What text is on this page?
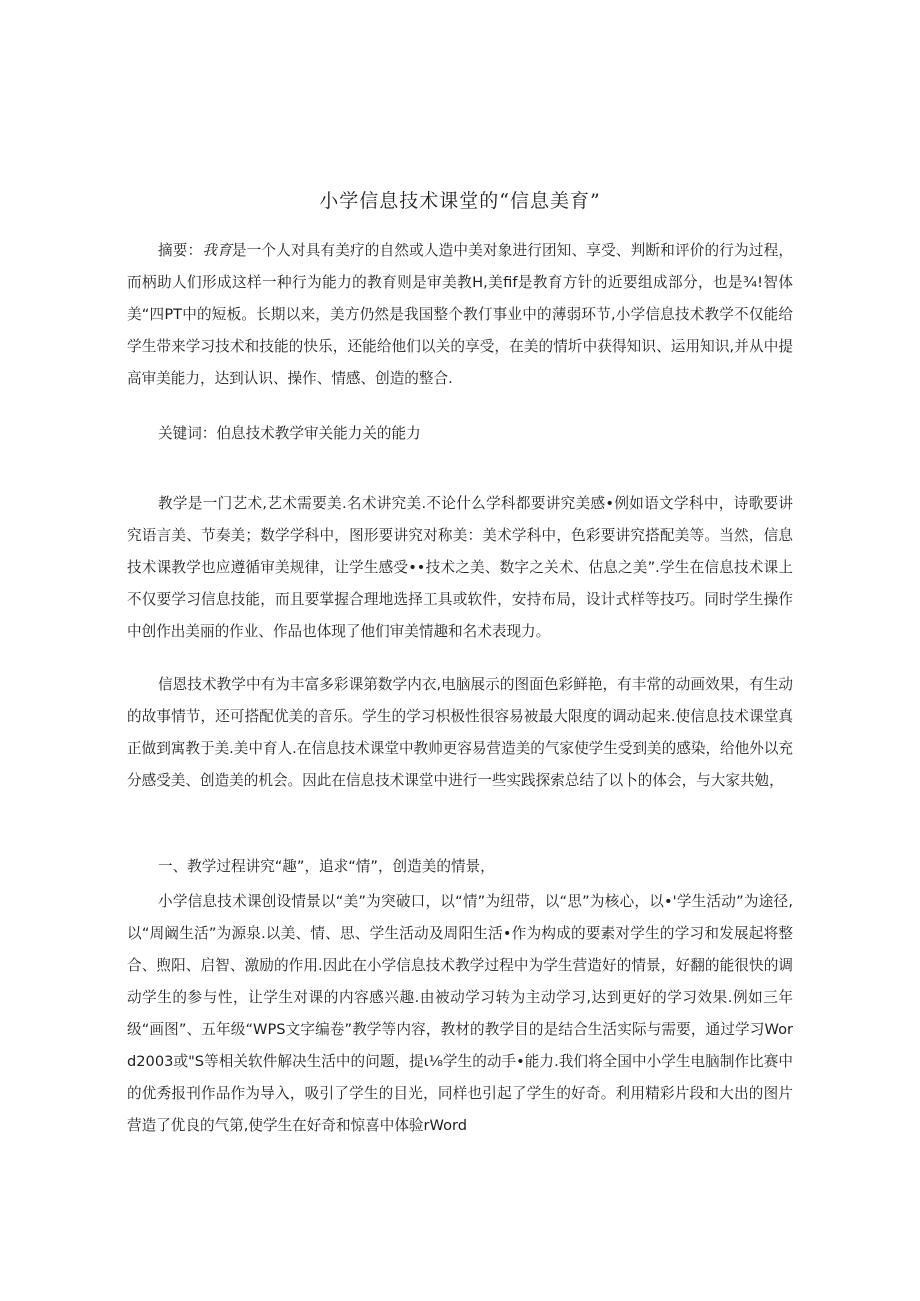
小学信息技术课堂的“信息美育”

摘要：我育是一个人对具有美疗的自然或人造中美对象进行团知、享受、判断和评价的行为过程，而柄助人们形成这样一种行为能力的教育则是审美教H,美fif是教育方针的近要组成部分，也是¾!智体美“四PT中的短板。长期以来，美方仍然是我国整个教仃事业中的薄弱环节,小学信息技术教学不仅能给学生带来学习技术和技能的快乐，还能给他们以关的享受，在美的情圻中获得知识、运用知识,并从中提高审美能力，达到认识、操作、情感、创造的整合.

关键词：伯息技术教学审关能力关的能力

教学是一门艺术,艺术需要美.名术讲究美.不论什么学科都要讲究美感•例如语文学科中，诗歌要讲究语言美、节奏美；数学学科中，图形要讲究对称美：美术学科中，色彩要讲究搭配美等。当然，信息技术课教学也应遵循审美规律，让学生感受••技术之美、数字之关术、估息之美”.学生在信息技术课上不仅要学习信息技能，而且要掌握合理地选择工具或软件，安持布局，设计式样等技巧。同时学生操作中创作出美丽的作业、作品也体现了他们审美情趣和名术表现力。

信恩技术教学中有为丰富多彩课第数学内衣,电脑展示的图面色彩鲜艳，有丰常的动画效果，有生动的故事情节，还可搭配优美的音乐。学生的学习枳极性很容易被最大限度的调动起来.使信息技术课堂真正做到寓教于美.美中育人.在信息技术课堂中教帅更容易营造美的气家使学生受到美的感染，给他外以充分感受美、创造美的机会。因此在信息技术课堂中进行一些实践探索总结了以卜的体会，与大家共勉，

一、教学过程讲究“趣”，追求“情”，创造美的情景，

小学信息技术课创设情景以“美”为突破口，以“情”为纽带，以“思”为核心，以•'学生活动”为途径,以“周阚生活”为源泉.以美、情、思、学生活动及周阳生活•作为构成的要素对学生的学习和发展起将整合、煦阳、启智、激励的作用.因此在小学信息技术教学过程中为学生营造好的情景，好翻的能很快的调动学生的参与性，让学生对课的内容感兴趣.由被动学习转为主动学习,达到更好的学习效果.例如三年级“画图”、五年级“WPS文字编卷”教学等内容，教材的教学目的是结合生活实际与需要，通过学习Word2003或"S等相关软件解决生活中的问题，提ι⅛学生的动手•能力.我们将全国中小学生电脑制作比赛中的优秀报刊作品作为导入，吸引了学生的目光，同样也引起了学生的好奇。利用精彩片段和大出的图片营造了优良的气第,使学生在好奇和惊喜中体验rWord
